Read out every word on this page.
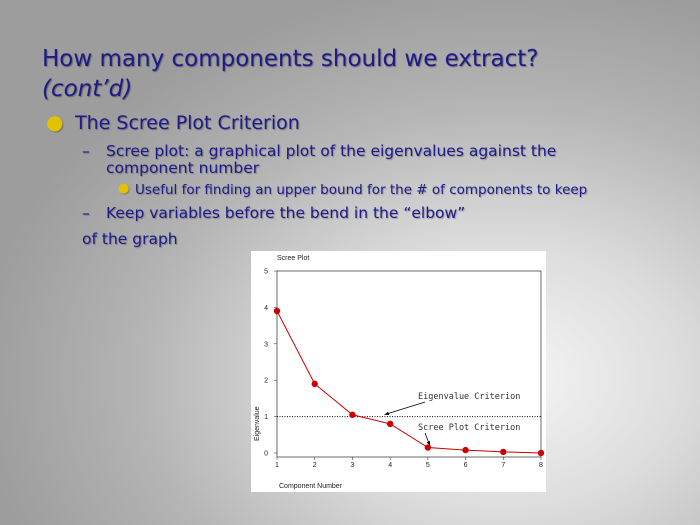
How many components should we extract?
(cont’d)
● The Scree Plot Criterion
– Scree plot: a graphical plot of the eigenvalues against the component number
● Useful for finding an upper bound for the # of components to keep
– Keep variables before the bend in the “elbow”
of the graph
Scree Plot
0
1
2
3
4
5
1	2	3	4	5	6	7	8
Eigenvalue Criterion
Scree Plot Criterion
Eigenvalue
Component Number
